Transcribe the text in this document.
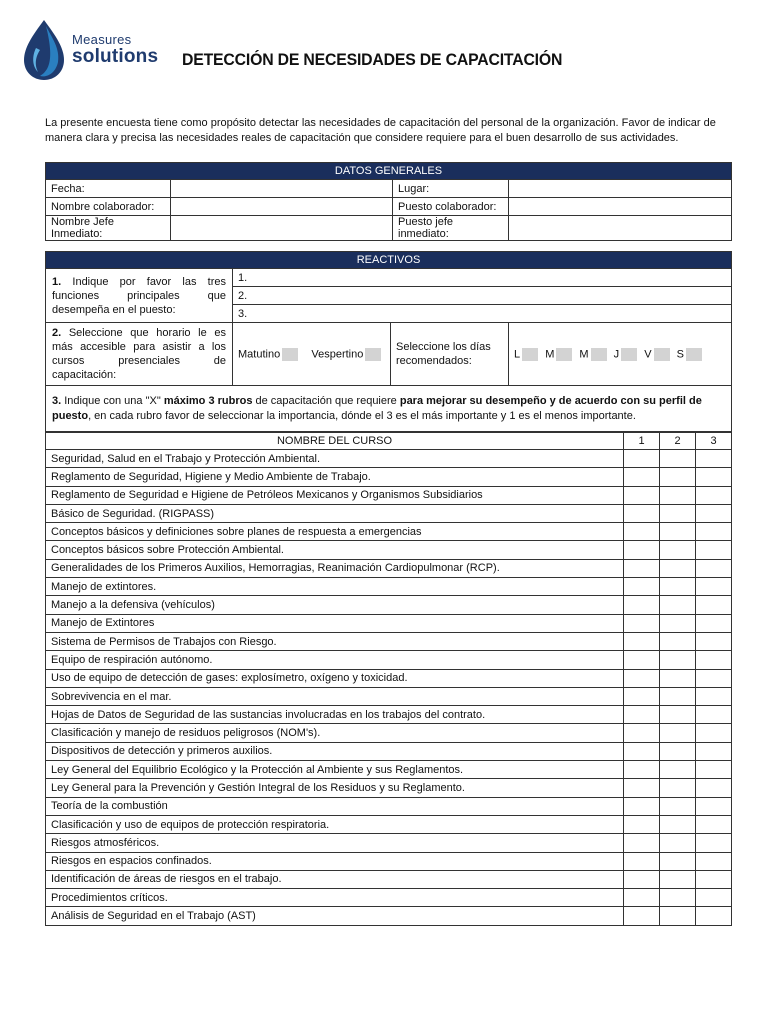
Measures
solutions DETECCIÓN DE NECESIDADES DE CAPACITACIÓN
La presente encuesta tiene como propósito detectar las necesidades de capacitación del personal de la organización. Favor de indicar de manera clara y precisa las necesidades reales de capacitación que considere requiere para el buen desarrollo de sus actividades.
DATOS GENERALES			
Fecha:		Lugar:	
Nombre colaborador:		Puesto colaborador:	
Nombre Jefe Inmediato:		Puesto jefe inmediato:	
REACTIVOS			
1. Indique por favor las tres funciones principales que desempeña en el puesto:	1.		
	2.		
	3.		
2. Seleccione que horario le es más accesible para asistir a los cursos presenciales de capacitación:	Matutino Vespertino	Seleccione los días recomendados:	L M M J V S
3. Indique con una "X" máximo 3 rubros de capacitación que requiere para mejorar su desempeño y de acuerdo con su perfil de puesto, en cada rubro favor de seleccionar la importancia, dónde el 3 es el más importante y 1 es el menos importante.			
NOMBRE DEL CURSO	1	2	3
Seguridad, Salud en el Trabajo y Protección Ambiental.			
Reglamento de Seguridad, Higiene y Medio Ambiente de Trabajo.			
Reglamento de Seguridad e Higiene de Petróleos Mexicanos y Organismos Subsidiarios			
Básico de Seguridad. (RIGPASS)			
Conceptos básicos y definiciones sobre planes de respuesta a emergencias			
Conceptos básicos sobre Protección Ambiental.			
Generalidades de los Primeros Auxilios, Hemorragias, Reanimación Cardiopulmonar (RCP).			
Manejo de extintores.			
Manejo a la defensiva (vehículos)			
Manejo de Extintores			
Sistema de Permisos de Trabajos con Riesgo.			
Equipo de respiración autónomo.			
Uso de equipo de detección de gases: explosímetro, oxígeno y toxicidad.			
Sobrevivencia en el mar.			
Hojas de Datos de Seguridad de las sustancias involucradas en los trabajos del contrato.			
Clasificación y manejo de residuos peligrosos (NOM's).			
Dispositivos de detección y primeros auxilios.			
Ley General del Equilibrio Ecológico y la Protección al Ambiente y sus Reglamentos.			
Ley General para la Prevención y Gestión Integral de los Residuos y su Reglamento.			
Teoría de la combustión			
Clasificación y uso de equipos de protección respiratoria.			
Riesgos atmosféricos.			
Riesgos en espacios confinados.			
Identificación de áreas de riesgos en el trabajo.			
Procedimientos críticos.			
Análisis de Seguridad en el Trabajo (AST)			
